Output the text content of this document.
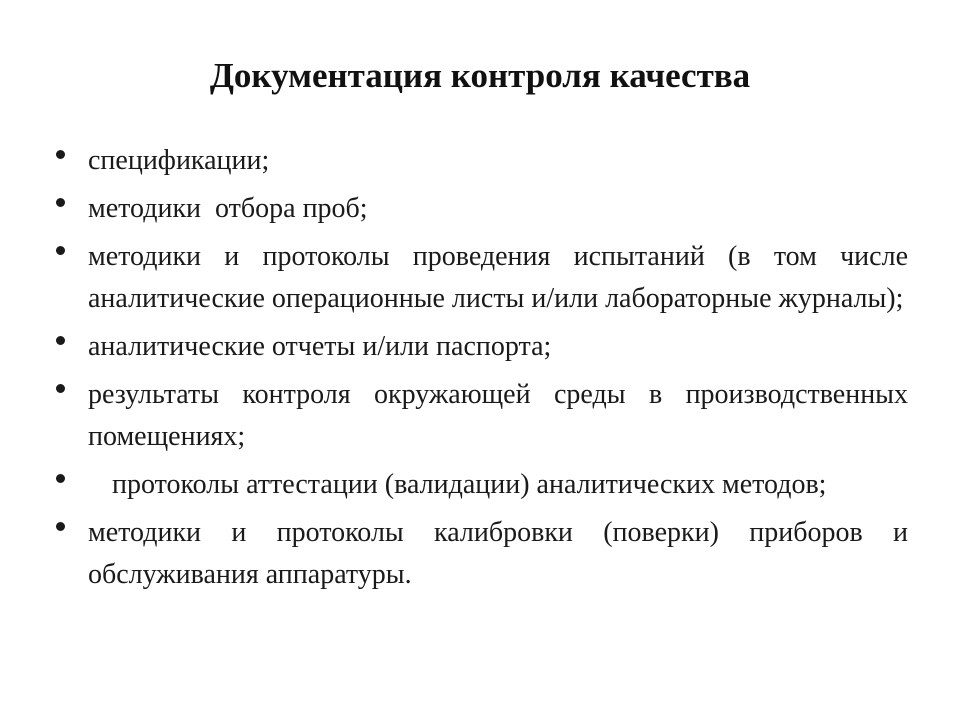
Документация контроля качества
спецификации;
методики  отбора проб;
методики и протоколы проведения испытаний (в том числе аналитические операционные листы и/или лабораторные журналы);
аналитические отчеты и/или паспорта;
результаты контроля окружающей среды в производственных помещениях;
протоколы аттестации (валидации) аналитических методов;
методики и протоколы калибровки (поверки) приборов и обслуживания аппаратуры.
